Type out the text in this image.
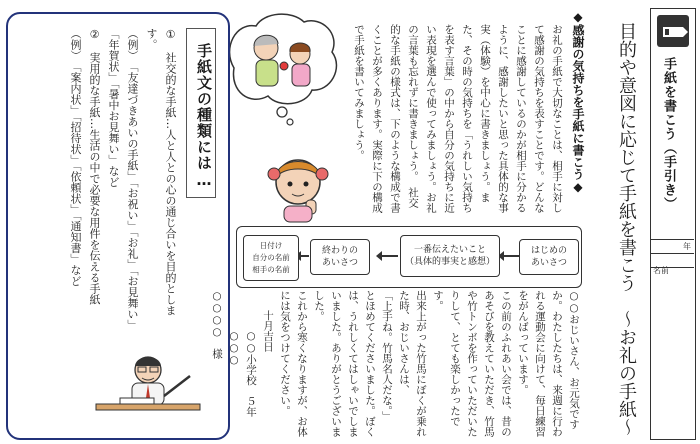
手紙を書こう（手引き）
年
名前
目的や意図に応じて手紙を書こう　～お礼の手紙～
◆感謝の気持ちを手紙に書こう◆
お礼の手紙で大切なことは、相手に対して感謝の気持ちを表すことです。どんなことに感謝しているのかが相手に分かるように、感謝したいと思った具体的な事実（体験）を中心に書きましょう。また、その時の気持ちを「うれしい気持ちを表す言葉」の中から自分の気持ちに近い表現を選んで使ってみましょう。お礼の言葉も忘れずに書きましょう。　社交的な手紙の様式は、下のような構成で書くことが多くあります。実際に下の構成で手紙を書いてみましょう。
はじめの
あいさつ
一番伝えたいこと
（具体的事実と感想）
終わりの
あいさつ
日付け
自分の名前
相手の名前

○○おじいさん、お元気ですか。わたしたちは、来週に行われる運動会に向けて、毎日練習をがんばっています。

この前のふれあい会では、昔のあそびを教えていただき、竹馬や竹トンボを作っていただいたりして、とても楽しかったです。

出来上がった竹馬にぼくが乗れた時、おじいさんは、

「上手ね。竹馬名人だな。」

とほめてくださいました。ぼくは、うれしくてはしゃいでしまいました。ありがとうございました。

これから寒くなりますが、お体には気をつけてください。

十月吉日

○○小学校　５年○○○

○○○○　様

手紙文の種類には…

①　社交的な手紙…人と人との心の通じ合いを目的とします。

（例）　「友達づきあいの手紙」「お祝い」「お礼」「お見舞い」「年賀状」「暑中お見舞い」など

②　実用的な手紙…生活の中で必要な用件を伝える手紙

（例）　「案内状」「招待状」「依頼状」「通知書」など
